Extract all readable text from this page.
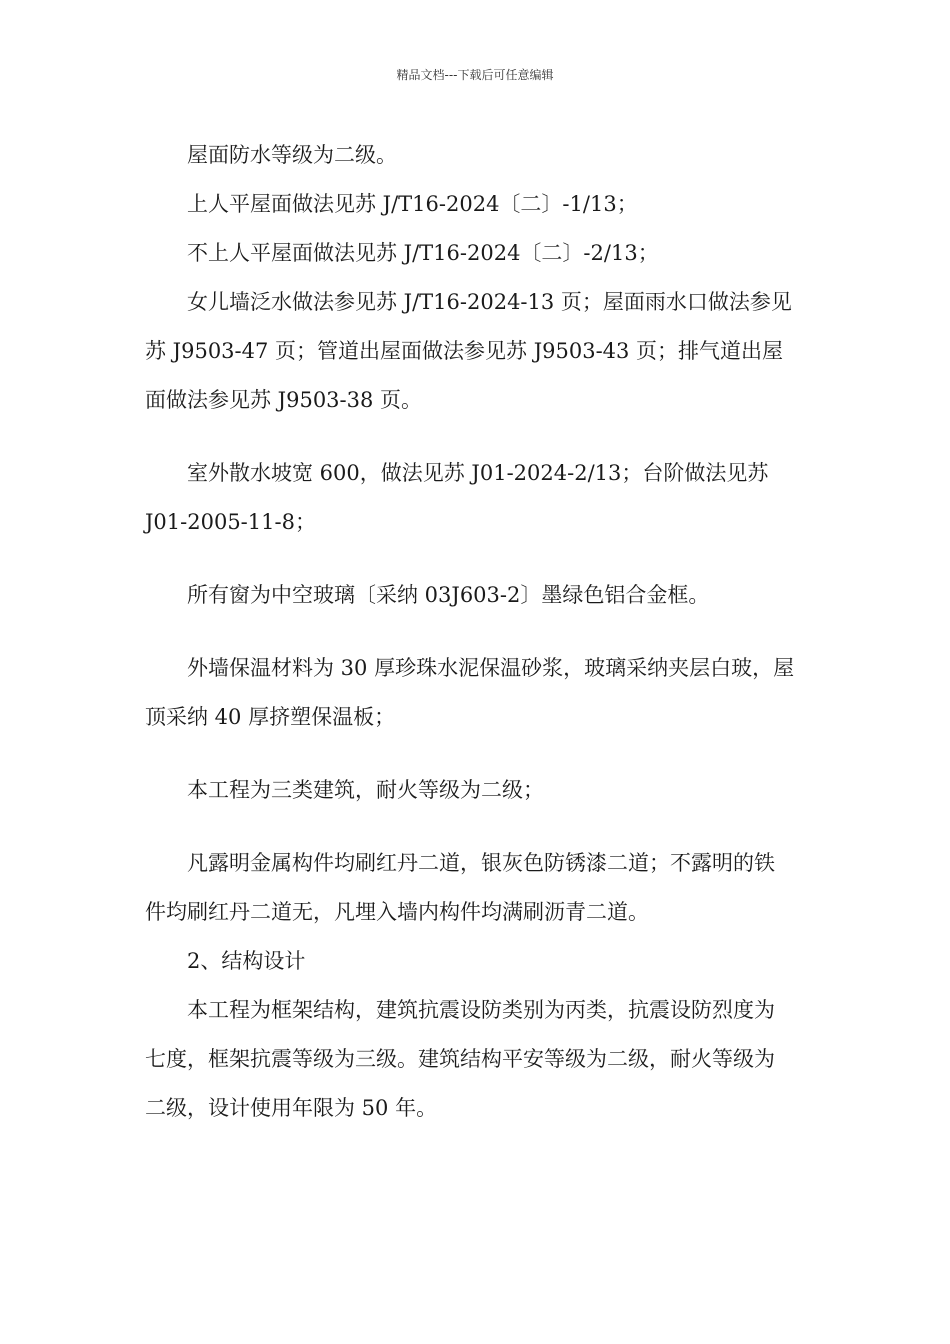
精品文档---下载后可任意编辑

屋面防水等级为二级。

上人平屋面做法见苏 J/T16-2024〔二〕-1/13；

不上人平屋面做法见苏 J/T16-2024〔二〕-2/13；

女儿墙泛水做法参见苏 J/T16-2024-13 页；屋面雨水口做法参见苏 J9503-47 页；管道出屋面做法参见苏 J9503-43 页；排气道出屋面做法参见苏 J9503-38 页。

室外散水坡宽 600，做法见苏 J01-2024-2/13；台阶做法见苏 J01-2005-11-8；

所有窗为中空玻璃〔采纳 03J603-2〕墨绿色铝合金框。

外墙保温材料为 30 厚珍珠水泥保温砂浆，玻璃采纳夹层白玻，屋顶采纳 40 厚挤塑保温板；

本工程为三类建筑，耐火等级为二级；

凡露明金属构件均刷红丹二道，银灰色防锈漆二道；不露明的铁件均刷红丹二道无，凡埋入墙内构件均满刷沥青二道。

2、结构设计

本工程为框架结构，建筑抗震设防类别为丙类，抗震设防烈度为七度，框架抗震等级为三级。建筑结构平安等级为二级，耐火等级为二级，设计使用年限为 50 年。
